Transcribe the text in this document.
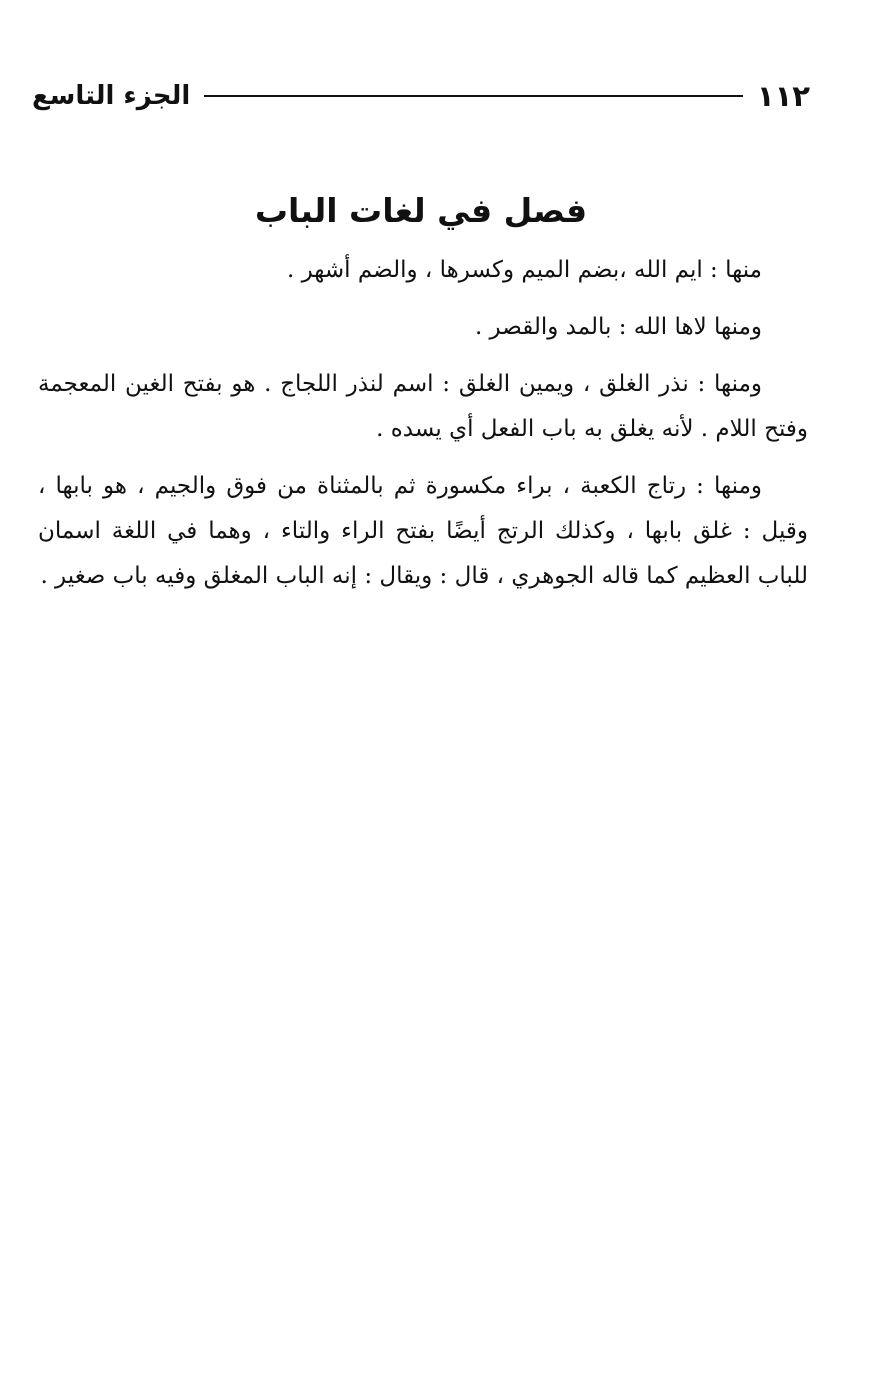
١١٢
الجزء التاسع
فصل في لغات الباب

منها : ايم الله ،بضم الميم وكسرها ، والضم أشهر .

ومنها لاها الله : بالمد والقصر .

ومنها : نذر الغلق ، ويمين الغلق : اسم لنذر اللجاج . هو بفتح الغين المعجمة وفتح اللام . لأنه يغلق به باب الفعل أي يسده .

ومنها : رتاج الكعبة ، براء مكسورة ثم بالمثناة من فوق والجيم ، هو بابها ، وقيل : غلق بابها ، وكذلك الرتج أيضًا بفتح الراء والتاء ، وهما في اللغة اسمان للباب العظيم كما قاله الجوهري ، قال : ويقال : إنه الباب المغلق وفيه باب صغير .
